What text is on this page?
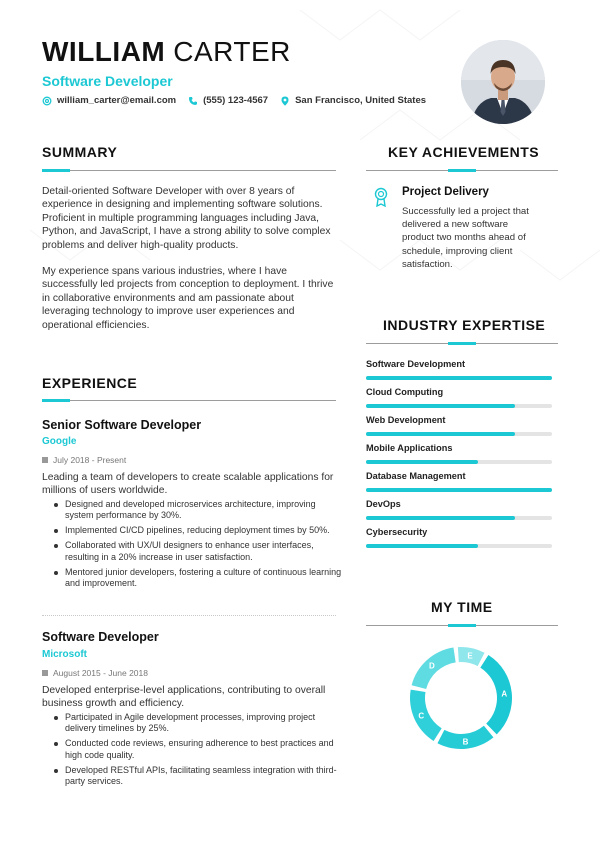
WILLIAM CARTER
Software Developer
william_carter@email.com	(555) 123-4567	San Francisco, United States
SUMMARY
Detail-oriented Software Developer with over 8 years of experience in designing and implementing software solutions. Proficient in multiple programming languages including Java, Python, and JavaScript, I have a strong ability to solve complex problems and deliver high-quality products.
My experience spans various industries, where I have successfully led projects from conception to deployment. I thrive in collaborative environments and am passionate about leveraging technology to improve user experiences and operational efficiencies.
EXPERIENCE
Senior Software Developer
Google
July 2018 - Present
Leading a team of developers to create scalable applications for millions of users worldwide.
Designed and developed microservices architecture, improving system performance by 30%.
Implemented CI/CD pipelines, reducing deployment times by 50%.
Collaborated with UX/UI designers to enhance user interfaces, resulting in a 20% increase in user satisfaction.
Mentored junior developers, fostering a culture of continuous learning and improvement.
Software Developer
Microsoft
August 2015 - June 2018
Developed enterprise-level applications, contributing to overall business growth and efficiency.
Participated in Agile development processes, improving project delivery timelines by 25%.
Conducted code reviews, ensuring adherence to best practices and high code quality.
Developed RESTful APIs, facilitating seamless integration with third-party services.
KEY ACHIEVEMENTS
Project Delivery
Successfully led a project that delivered a new software product two months ahead of schedule, improving client satisfaction.
INDUSTRY EXPERTISE
Software Development
Cloud Computing
Web Development
Mobile Applications
Database Management
DevOps
Cybersecurity
MY TIME
A
B
C
D
E
